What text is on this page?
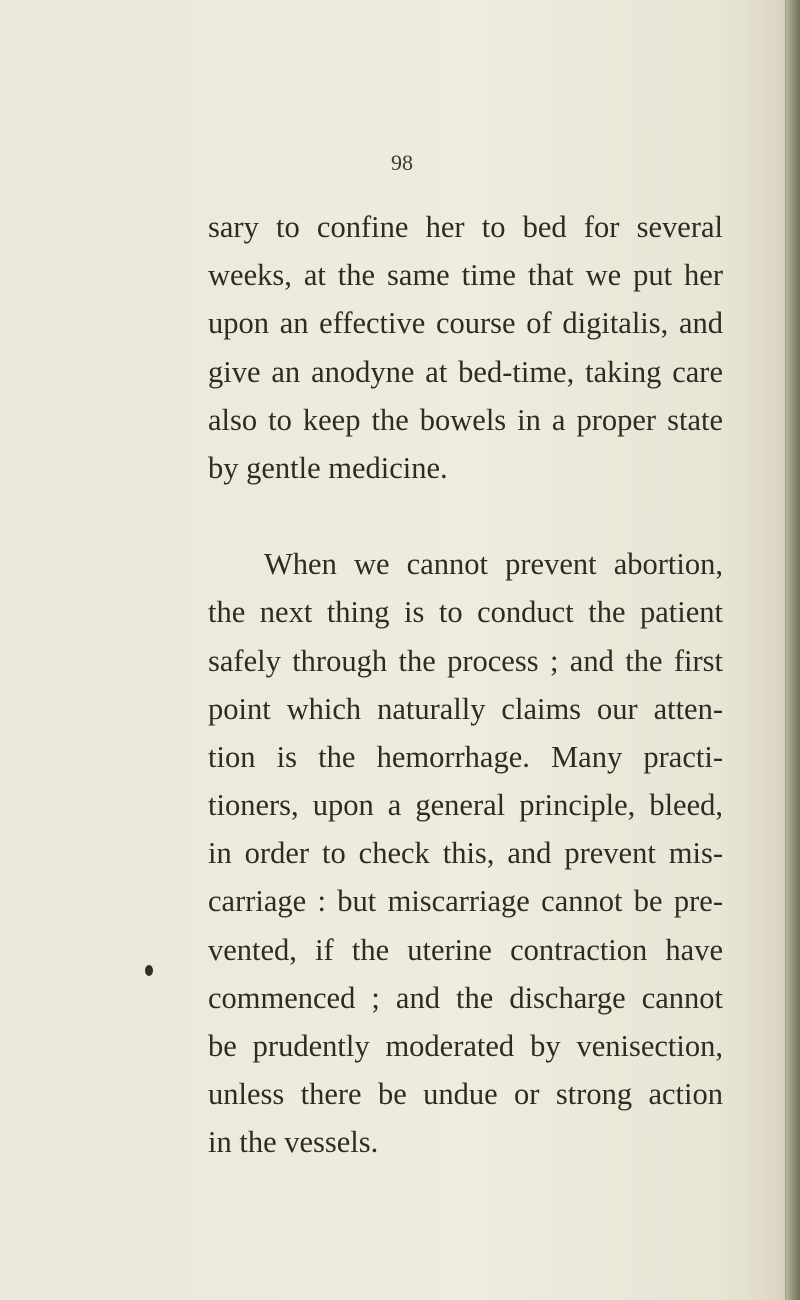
98
sary to confine her to bed for several
weeks, at the same time that we put her
upon an effective course of digitalis, and
give an anodyne at bed-time, taking care
also to keep the bowels in a proper state
by gentle medicine.
When we cannot prevent abortion,
the next thing is to conduct the patient
safely through the process ; and the first
point which naturally claims our atten-
tion is the hemorrhage. Many practi-
tioners, upon a general principle, bleed,
in order to check this, and prevent mis-
carriage : but miscarriage cannot be pre-
vented, if the uterine contraction have
commenced ; and the discharge cannot
be prudently moderated by venisection,
unless there be undue or strong action
in the vessels.
